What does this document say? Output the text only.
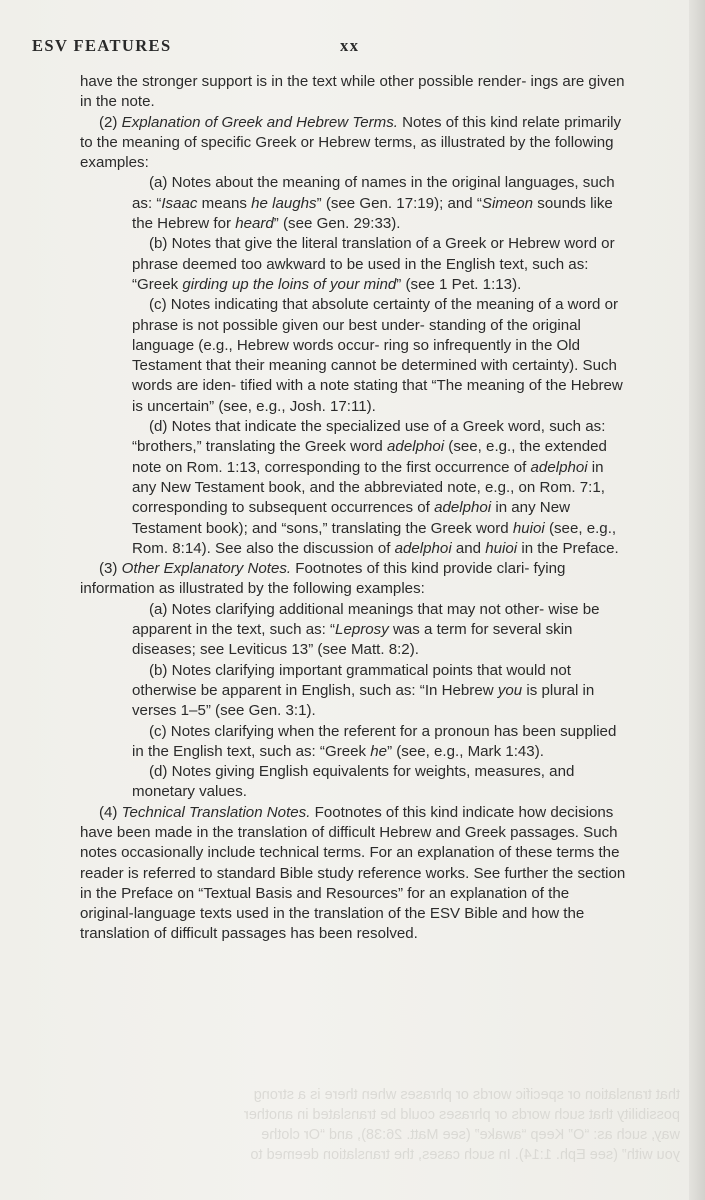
ESV FEATURES	xx

have the stronger support is in the text while other possible render- ings are given in the note.

(2) Explanation of Greek and Hebrew Terms. Notes of this kind relate primarily to the meaning of specific Greek or Hebrew terms, as illustrated by the following examples:

(a) Notes about the meaning of names in the original languages, such as: “Isaac means he laughs” (see Gen. 17:19); and “Simeon sounds like the Hebrew for heard” (see Gen. 29:33).

(b) Notes that give the literal translation of a Greek or Hebrew word or phrase deemed too awkward to be used in the English text, such as: “Greek girding up the loins of your mind” (see 1 Pet. 1:13).

(c) Notes indicating that absolute certainty of the meaning of a word or phrase is not possible given our best under- standing of the original language (e.g., Hebrew words occur- ring so infrequently in the Old Testament that their meaning cannot be determined with certainty). Such words are iden- tified with a note stating that “The meaning of the Hebrew is uncertain” (see, e.g., Josh. 17:11).

(d) Notes that indicate the specialized use of a Greek word, such as: “brothers,” translating the Greek word adelphoi (see, e.g., the extended note on Rom. 1:13, corresponding to the first occurrence of adelphoi in any New Testament book, and the abbreviated note, e.g., on Rom. 7:1, corresponding to subsequent occurrences of adelphoi in any New Testament book); and “sons,” translating the Greek word huioi (see, e.g., Rom. 8:14). See also the discussion of adelphoi and huioi in the Preface.

(3) Other Explanatory Notes. Footnotes of this kind provide clari- fying information as illustrated by the following examples:

(a) Notes clarifying additional meanings that may not other- wise be apparent in the text, such as: “Leprosy was a term for several skin diseases; see Leviticus 13” (see Matt. 8:2).

(b) Notes clarifying important grammatical points that would not otherwise be apparent in English, such as: “In Hebrew you is plural in verses 1–5” (see Gen. 3:1).

(c) Notes clarifying when the referent for a pronoun has been supplied in the English text, such as: “Greek he” (see, e.g., Mark 1:43).

(d) Notes giving English equivalents for weights, measures, and monetary values.

(4) Technical Translation Notes. Footnotes of this kind indicate how decisions have been made in the translation of difficult Hebrew and Greek passages. Such notes occasionally include technical terms. For an explanation of these terms the reader is referred to standard Bible study reference works. See further the section in the Preface on “Textual Basis and Resources” for an explanation of the original-language texts used in the translation of the ESV Bible and how the translation of difficult passages has been resolved.

that translation or specific words or phrases when there is a strong
possibility that such words or phrases could be translated in another
way, such as: “O” Keep “awake” (see Matt. 26:38), and “Or clothe
you with” (see Eph. 1:14). In such cases, the translation deemed to
